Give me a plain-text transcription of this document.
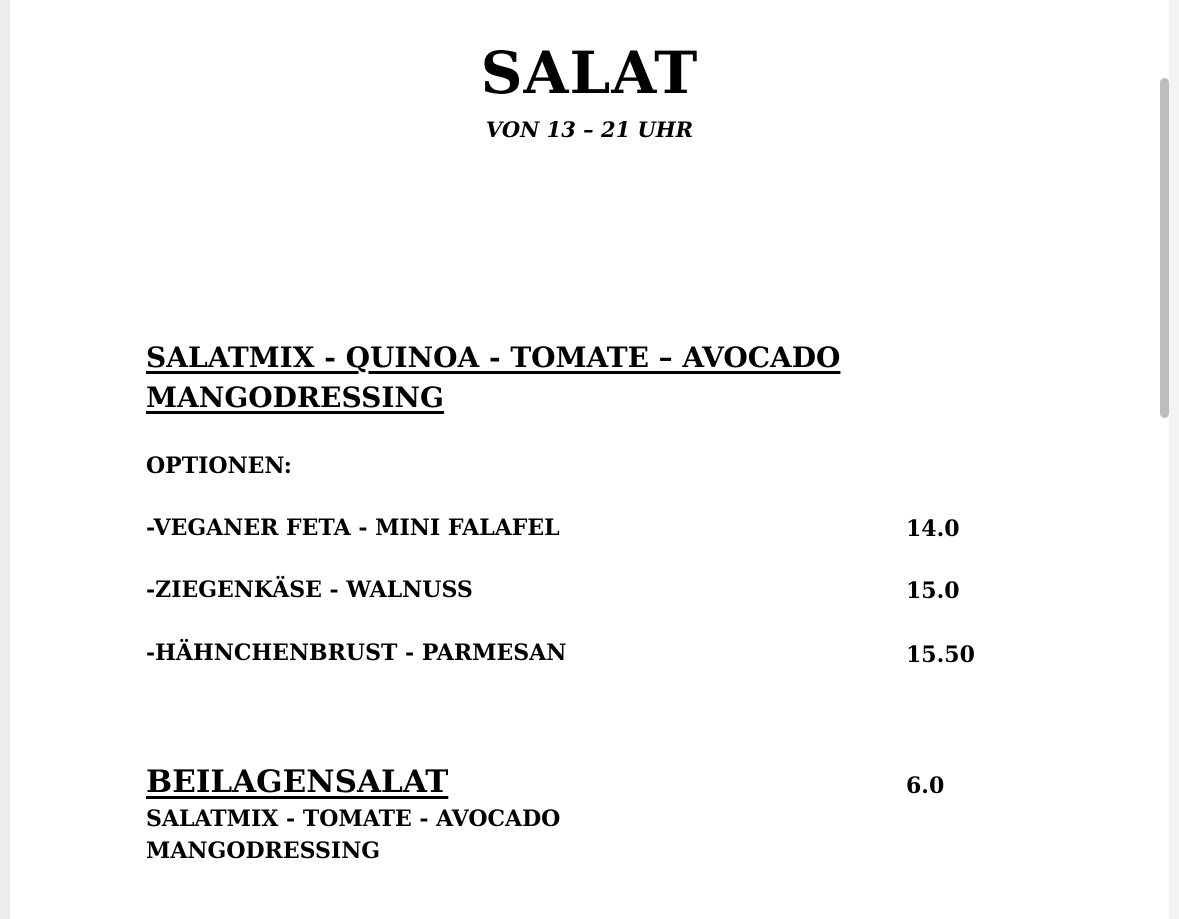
SALAT
VON 13 – 21 UHR
SALATMIX - QUINOA - TOMATE – AVOCADO
MANGODRESSING
OPTIONEN:
-VEGANER FETA - MINI FALAFEL	14.0
-ZIEGENKÄSE - WALNUSS	15.0
-HÄHNCHENBRUST - PARMESAN	15.50
BEILAGENSALAT	6.0
SALATMIX - TOMATE - AVOCADO
MANGODRESSING
